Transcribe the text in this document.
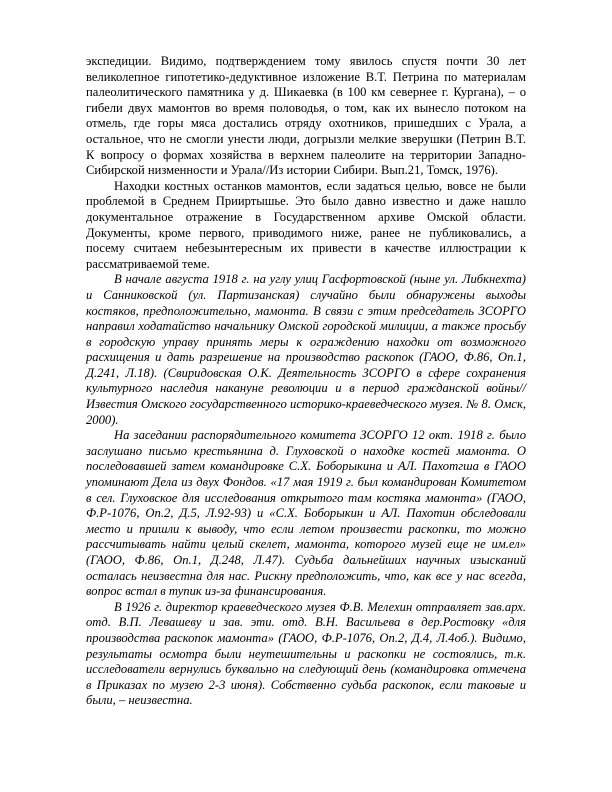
экспедиции. Видимо, подтверждением тому явилось спустя почти 30 лет великолепное гипотетико-дедуктивное изложение В.Т. Петрина по материалам палеолитического памятника у д. Шикаевка (в 100 км севернее г. Кургана), – о гибели двух мамонтов во время половодья, о том, как их вынесло потоком на отмель, где горы мяса достались отряду охотников, пришедших с Урала, а остальное, что не смогли унести люди, догрызли мелкие зверушки (Петрин В.Т. К вопросу о формах хозяйства в верхнем палеолите на территории Западно-Сибирской низменности и Урала//Из истории Сибири. Вып.21, Томск, 1976).

Находки костных останков мамонтов, если задаться целью, вовсе не были проблемой в Среднем Прииртышье. Это было давно известно и даже нашло документальное отражение в Государственном архиве Омской области. Документы, кроме первого, приводимого ниже, ранее не публиковались, а посему считаем небезынтересным их привести в качестве иллюстрации к рассматриваемой теме.

В начале августа 1918 г. на углу улиц Гасфортовской (ныне ул. Либкнехта) и Санниковской (ул. Партизанская) случайно были обнаружены выходы костяков, предположительно, мамонта. В связи с этим председатель ЗСОРГО направил ходатайство начальнику Омской городской милиции, а также просьбу в городскую управу принять меры к ограждению находки от возможного расхищения и дать разрешение на производство раскопок (ГАОО, Ф.86, Оп.1, Д.241, Л.18). (Свиридовская О.К. Деятельность ЗСОРГО в сфере сохранения культурного наследия накануне революции и в период гражданской войны//Известия Омского государственного историко-краеведческого музея. № 8. Омск, 2000).

На заседании распорядительного комитета ЗСОРГО 12 окт. 1918 г. было заслушано письмо крестьянина д. Глуховской о находке костей мамонта. О последовавшей затем командировке С.Х. Боборыкина и АЛ. Пахотгша в ГАОО упоминают Дела из двух Фондов. «17 мая 1919 г. был командирован Комитетом в сел. Глуховское для исследования открытого там костяка мамонта» (ГАОО, Ф.Р-1076, Оп.2, Д.5, Л.92-93) и «С.Х. Боборыкин и АЛ. Пахотин обследовали место и пришли к выводу, что если летом произвести раскопки, то можно рассчитывать найти целый скелет, мамонта, которого музей еще не им.ел» (ГАОО, Ф.86, Оп.1, Д.248, Л.47). Судьба дальнейших научных изысканий осталась неизвестна для нас. Рискну предположить, что, как все у нас всегда, вопрос встал в тупик из-за финансирования.

В 1926 г. директор краеведческого музея Ф.В. Мелехин отправляет зав.арх. отд. В.П. Левашеву и зав. эти. отд. В.Н. Васильева в дер.Ростовку «для производства раскопок мамонта» (ГАОО, Ф.Р-1076, Оп.2, Д.4, Л.4об.). Видимо, результаты осмотра были неутешительны и раскопки не состоялись, т.к. исследователи вернулись буквально на следующий день (командировка отмечена в Приказах по музею 2-3 июня). Собственно судьба раскопок, если таковые и были, – неизвестна.
